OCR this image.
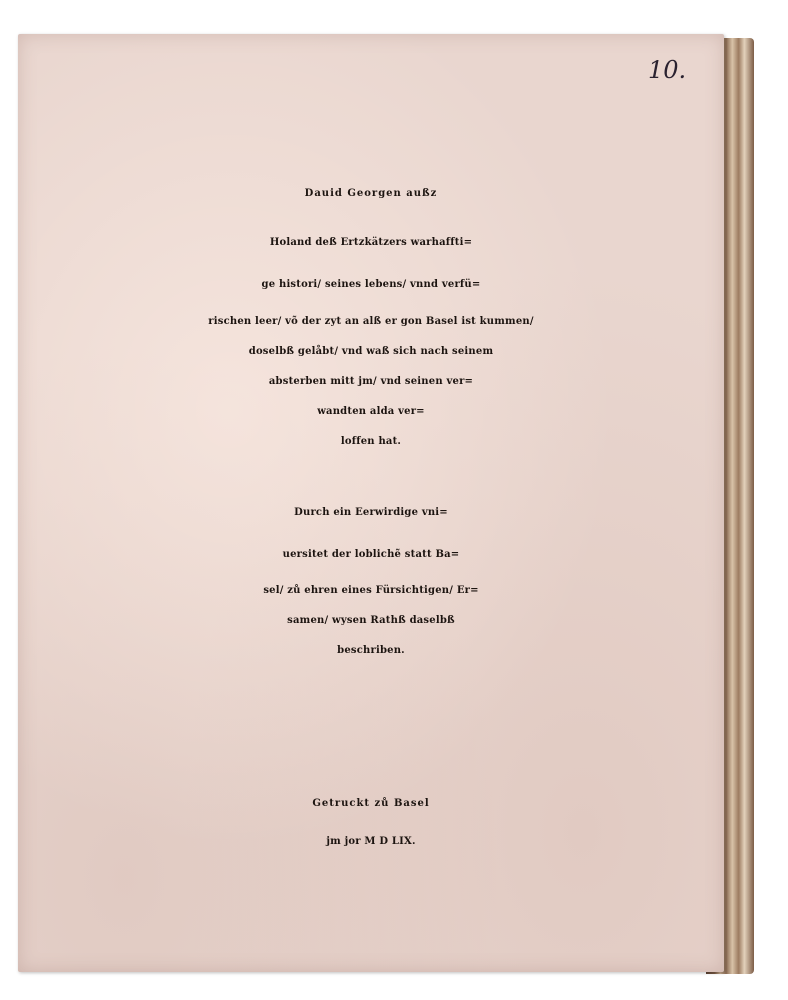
10.

Dauid Georgen außz

Holand deß Ertzkätzers warhaffti=

ge histori/ seines lebens/ vnnd verfü=

rischen leer/ võ der zyt an alß er gon Basel ist kummen/

doselbß gelåbt/ vnd waß sich nach seinem

absterben mitt jm/ vnd seinen ver=

wandten alda ver=

loffen hat.

Durch ein Eerwirdige vni=

uersitet der loblichẽ statt Ba=

sel/ zů ehren eines Fürsichtigen/ Er=

samen/ wysen Rathß daselbß

beschriben.

Getruckt zů Basel

jm jor M D LIX.
